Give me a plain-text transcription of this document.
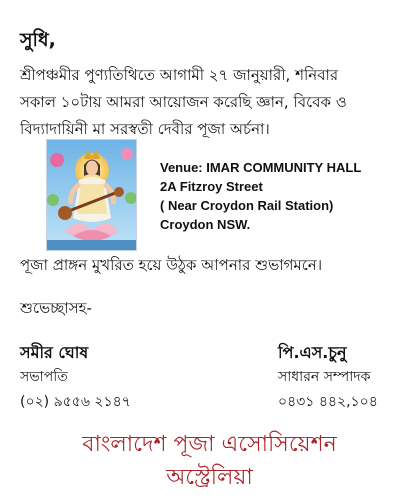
সুধি,
শ্রীপঞ্চমীর পুণ্যতিথিতে আগামী ২৭ জানুয়ারী, শনিবার
সকাল ১০টায় আমরা আয়োজন করেছি জ্ঞান, বিবেক ও
বিদ্যাদায়িনী মা সরস্বতী দেবীর পূজা অর্চনা।
Venue: IMAR COMMUNITY HALL
2A Fitzroy Street
( Near Croydon Rail Station)
Croydon NSW.
পূজা প্রাঙ্গন মুখরিত হয়ে উঠুক আপনার শুভাগমনে।
শুভেচ্ছাসহ-
সমীর ঘোষ
সভাপতি
(০২) ৯৫৫৬ ২১৪৭
পি.এস.চুনু
সাধারন সম্পাদক
০৪৩১ ৪৪২,১০৪
বাংলাদেশ পূজা এসোসিয়েশন
অস্ট্রেলিয়া
